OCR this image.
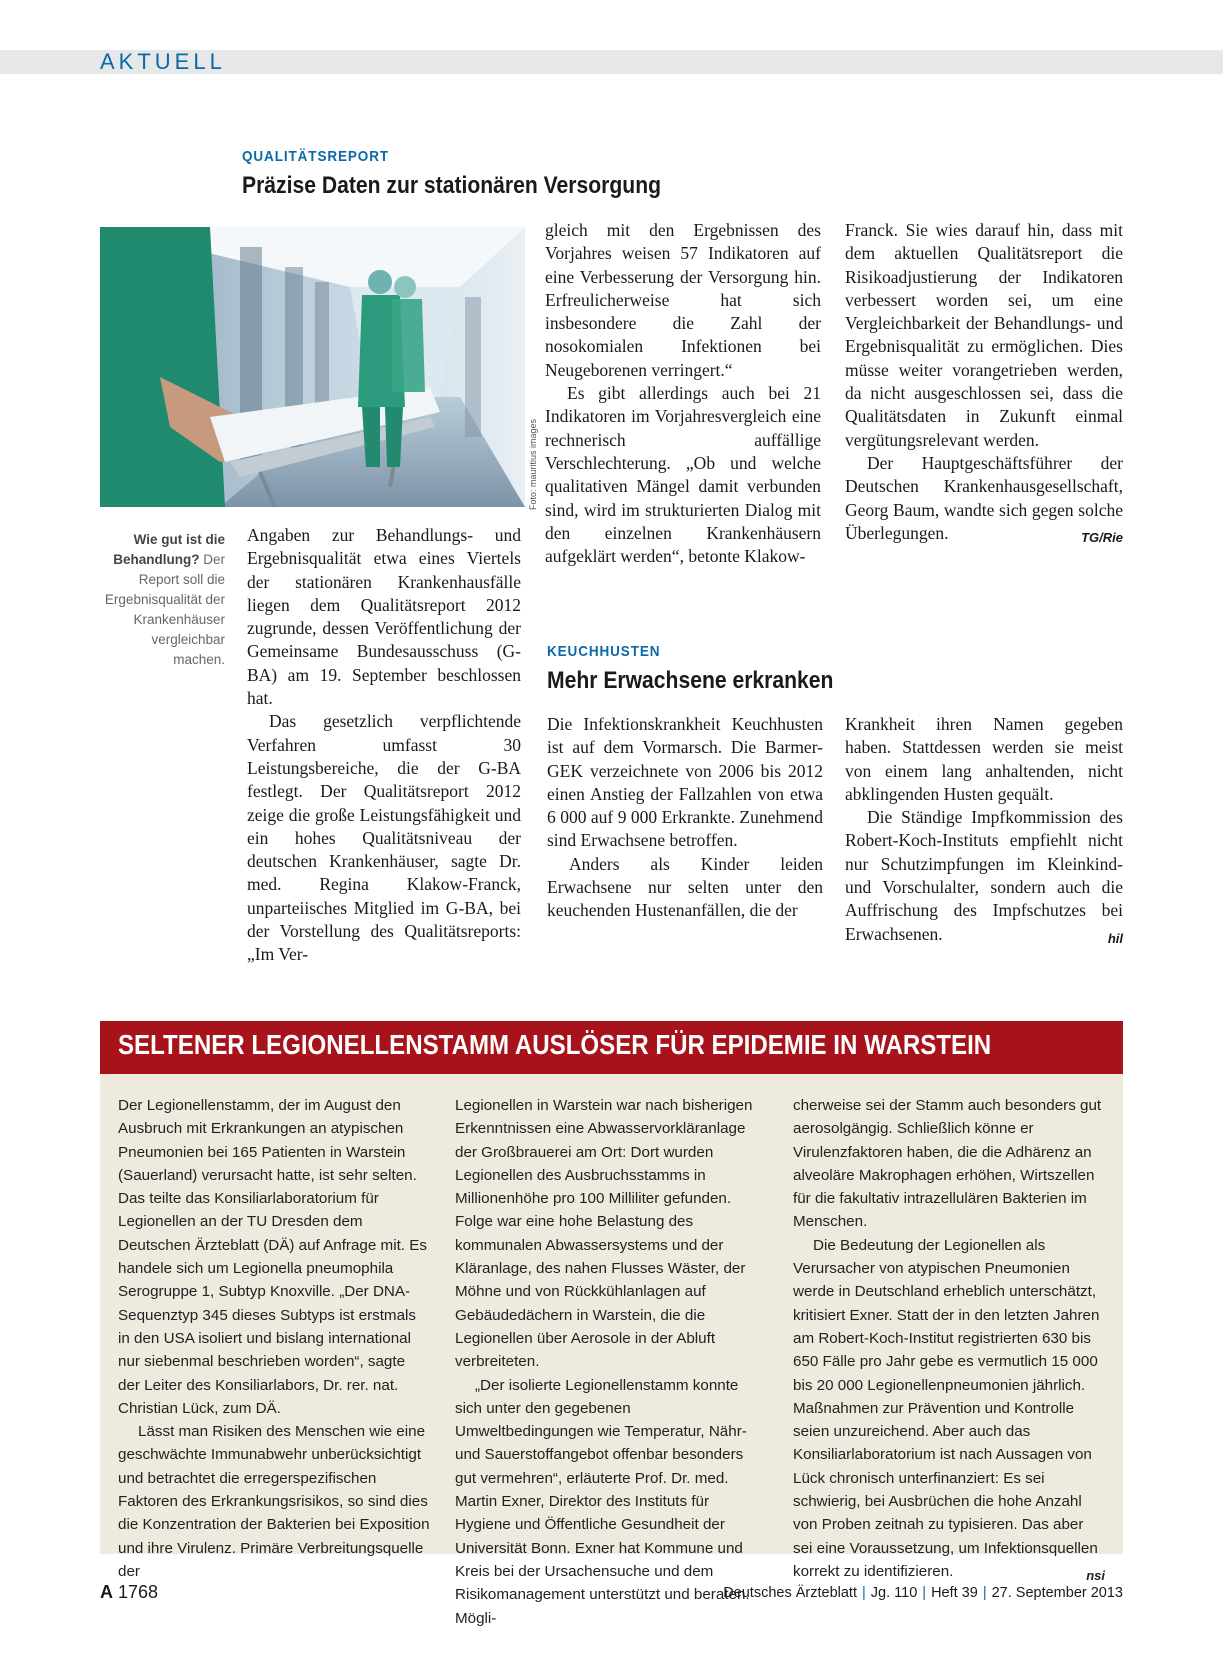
AKTUELL
QUALITÄTSREPORT
Präzise Daten zur stationären Versorgung
Foto: mauritius images
Wie gut ist die Behandlung? Der Report soll die Ergebnisqualität der Krankenhäuser vergleichbar machen.

Angaben zur Behandlungs- und Ergebnisqualität etwa eines Viertels der stationären Krankenhausfälle liegen dem Qualitätsreport 2012 zugrunde, dessen Veröffentlichung der Gemeinsame Bundesausschuss (G-BA) am 19. September beschlossen hat.

Das gesetzlich verpflichtende Verfahren umfasst 30 Leistungsbereiche, die der G-BA festlegt. Der Qualitätsreport 2012 zeige die große Leistungsfähigkeit und ein hohes Qualitätsniveau der deutschen Krankenhäuser, sagte Dr. med. Regina Klakow-Franck, unparteiisches Mitglied im G-BA, bei der Vorstellung des Qualitätsreports: „Im Ver-

gleich mit den Ergebnissen des Vorjahres weisen 57 Indikatoren auf eine Verbesserung der Versorgung hin. Erfreulicherweise hat sich insbesondere die Zahl der nosokomialen Infektionen bei Neugeborenen verringert.“

Es gibt allerdings auch bei 21 Indikatoren im Vorjahresvergleich eine rechnerisch auffällige Verschlechterung. „Ob und welche qualitativen Mängel damit verbunden sind, wird im strukturierten Dialog mit den einzelnen Krankenhäusern aufgeklärt werden“, betonte Klakow-

Franck. Sie wies darauf hin, dass mit dem aktuellen Qualitätsreport die Risikoadjustierung der Indikatoren verbessert worden sei, um eine Vergleichbarkeit der Behandlungs- und Ergebnisqualität zu ermöglichen. Dies müsse weiter vorangetrieben werden, da nicht ausgeschlossen sei, dass die Qualitätsdaten in Zukunft einmal vergütungsrelevant werden.

Der Hauptgeschäftsführer der Deutschen Krankenhausgesellschaft, Georg Baum, wandte sich gegen solche Überlegungen.	TG/Rie

KEUCHHUSTEN
Mehr Erwachsene erkranken

Die Infektionskrankheit Keuchhusten ist auf dem Vormarsch. Die Barmer-GEK verzeichnete von 2006 bis 2012 einen Anstieg der Fallzahlen von etwa 6 000 auf 9 000 Erkrankte. Zunehmend sind Erwachsene betroffen.

Anders als Kinder leiden Erwachsene nur selten unter den keuchenden Hustenanfällen, die der

Krankheit ihren Namen gegeben haben. Stattdessen werden sie meist von einem lang anhaltenden, nicht abklingenden Husten gequält.

Die Ständige Impfkommission des Robert-Koch-Instituts empfiehlt nicht nur Schutzimpfungen im Kleinkind- und Vorschulalter, sondern auch die Auffrischung des Impfschutzes bei Erwachsenen.	hil

SELTENER LEGIONELLENSTAMM AUSLÖSER FÜR EPIDEMIE IN WARSTEIN

Der Legionellenstamm, der im August den Ausbruch mit Erkrankungen an atypischen Pneumonien bei 165 Patienten in Warstein (Sauerland) verursacht hatte, ist sehr selten. Das teilte das Konsiliarlaboratorium für Legionellen an der TU Dresden dem Deutschen Ärzteblatt (DÄ) auf Anfrage mit. Es handele sich um Legionella pneumophila Serogruppe 1, Subtyp Knoxville. „Der DNA-Sequenztyp 345 dieses Subtyps ist erstmals in den USA isoliert und bislang international nur siebenmal beschrieben worden“, sagte der Leiter des Konsiliarlabors, Dr. rer. nat. Christian Lück, zum DÄ.

Lässt man Risiken des Menschen wie eine geschwächte Immunabwehr unberücksichtigt und betrachtet die erregerspezifischen Faktoren des Erkrankungsrisikos, so sind dies die Konzentration der Bakterien bei Exposition und ihre Virulenz. Primäre Verbreitungsquelle der

Legionellen in Warstein war nach bisherigen Erkenntnissen eine Abwasservorkläranlage der Großbrauerei am Ort: Dort wurden Legionellen des Ausbruchsstamms in Millionenhöhe pro 100 Milliliter gefunden. Folge war eine hohe Belastung des kommunalen Abwassersystems und der Kläranlage, des nahen Flusses Wäster, der Möhne und von Rückkühlanlagen auf Gebäudedächern in Warstein, die die Legionellen über Aerosole in der Abluft verbreiteten.

„Der isolierte Legionellenstamm konnte sich unter den gegebenen Umweltbedingungen wie Temperatur, Nähr- und Sauerstoffangebot offenbar besonders gut vermehren“, erläuterte Prof. Dr. med. Martin Exner, Direktor des Instituts für Hygiene und Öffentliche Gesundheit der Universität Bonn. Exner hat Kommune und Kreis bei der Ursachensuche und dem Risikomanagement unterstützt und beraten. Mögli-

cherweise sei der Stamm auch besonders gut aerosolgängig. Schließlich könne er Virulenzfaktoren haben, die die Adhärenz an alveoläre Makrophagen erhöhen, Wirtszellen für die fakultativ intrazellulären Bakterien im Menschen.

Die Bedeutung der Legionellen als Verursacher von atypischen Pneumonien werde in Deutschland erheblich unterschätzt, kritisiert Exner. Statt der in den letzten Jahren am Robert-Koch-Institut registrierten 630 bis 650 Fälle pro Jahr gebe es vermutlich 15 000 bis 20 000 Legionellenpneumonien jährlich. Maßnahmen zur Prävention und Kontrolle seien unzureichend. Aber auch das Konsiliarlaboratorium ist nach Aussagen von Lück chronisch unterfinanziert: Es sei schwierig, bei Ausbrüchen die hohe Anzahl von Proben zeitnah zu typisieren. Das aber sei eine Voraussetzung, um Infektionsquellen korrekt zu identifizieren.	nsi

A 1768	Deutsches Ärzteblatt | Jg. 110 | Heft 39 | 27. September 2013
